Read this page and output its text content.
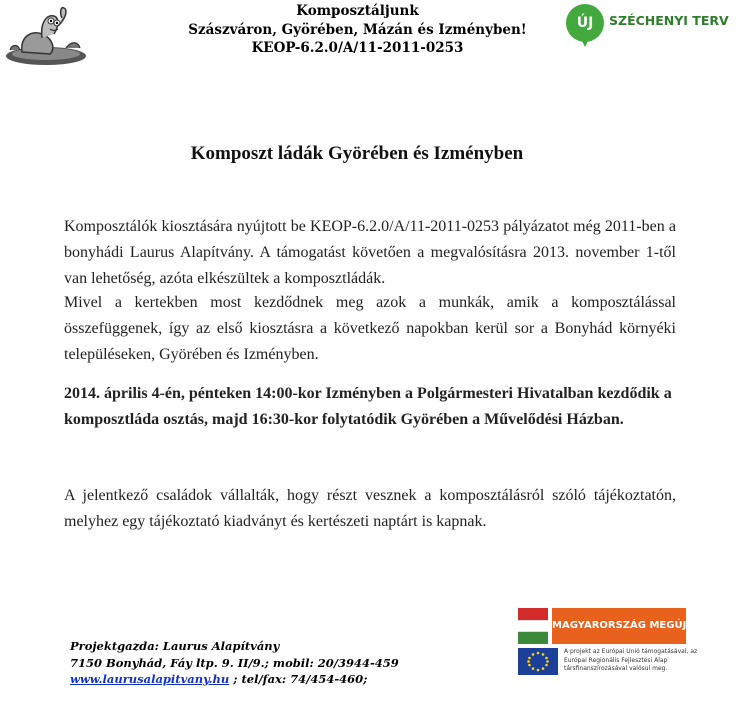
Komposztáljunk
Szászváron, Györében, Mázán és Izményben!
KEOP-6.2.0/A/11-2011-0253
ÚJ	SZÉCHENYI TERV
Komposzt ládák Györében és Izményben
Komposztálók kiosztására nyújtott be KEOP-6.2.0/A/11-2011-0253 pályázatot még 2011-ben a bonyhádi Laurus Alapítvány. A támogatást követően a megvalósításra 2013. november 1-től van lehetőség, azóta elkészültek a komposztládák.
Mivel a kertekben most kezdődnek meg azok a munkák, amik a komposztálással összefüggenek, így az első kiosztásra a következő napokban kerül sor a Bonyhád környéki településeken, Györében és Izményben.
2014. április 4-én, pénteken 14:00-kor Izményben a Polgármesteri Hivatalban kezdődik a komposztláda osztás, majd 16:30-kor folytatódik Györében a Művelődési Házban.
A jelentkező családok vállalták, hogy részt vesznek a komposztálásról szóló tájékoztatón, melyhez egy tájékoztató kiadványt és kertészeti naptárt is kapnak.
Projektgazda: Laurus Alapítvány
7150 Bonyhád, Fáy ltp. 9. II/9.; mobil: 20/3944-459
www.laurusalapitvany.hu ; tel/fax: 74/454-460;
MAGYARORSZÁG MEGÚJUL
A projekt az Európai Unió támogatásával, az Európai Regionális Fejlesztési Alap társfinanszírozásával valósul meg.
